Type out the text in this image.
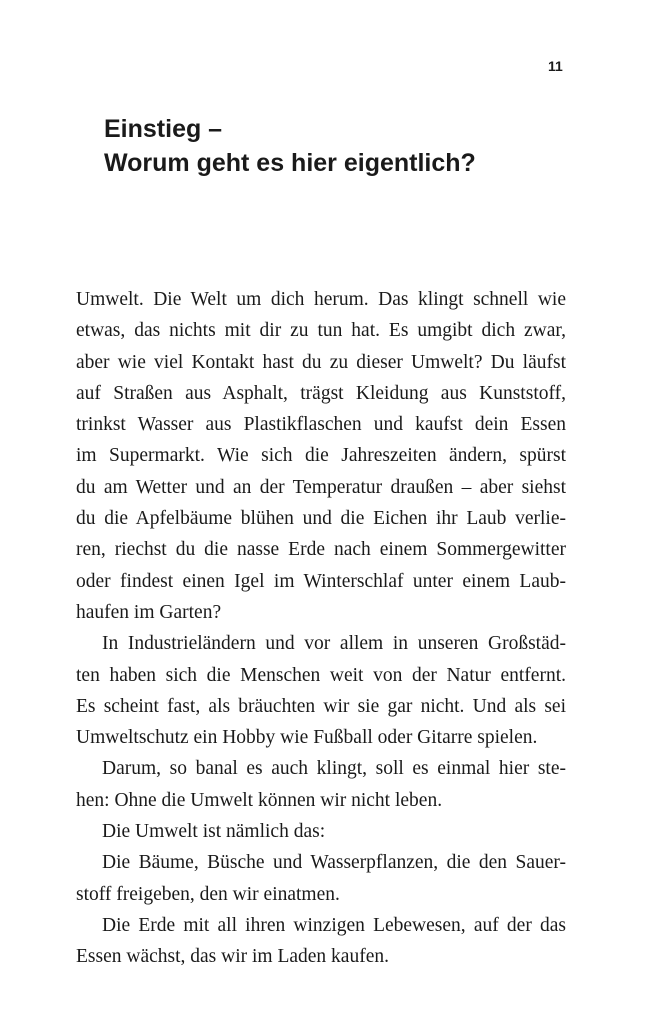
11
Einstieg –
Worum geht es hier eigentlich?
Umwelt. Die Welt um dich herum. Das klingt schnell wie
etwas, das nichts mit dir zu tun hat. Es umgibt dich zwar,
aber wie viel Kontakt hast du zu dieser Umwelt? Du läufst
auf Straßen aus Asphalt, trägst Kleidung aus Kunststoff,
trinkst Wasser aus Plastikflaschen und kaufst dein Essen
im Supermarkt. Wie sich die Jahreszeiten ändern, spürst
du am Wetter und an der Temperatur draußen – aber siehst
du die Apfelbäume blühen und die Eichen ihr Laub verlie-
ren, riechst du die nasse Erde nach einem Sommergewitter
oder findest einen Igel im Winterschlaf unter einem Laub-
haufen im Garten?
In Industrieländern und vor allem in unseren Großstäd-
ten haben sich die Menschen weit von der Natur entfernt.
Es scheint fast, als bräuchten wir sie gar nicht. Und als sei
Umweltschutz ein Hobby wie Fußball oder Gitarre spielen.
Darum, so banal es auch klingt, soll es einmal hier ste-
hen: Ohne die Umwelt können wir nicht leben.
Die Umwelt ist nämlich das:
Die Bäume, Büsche und Wasserpflanzen, die den Sauer-
stoff freigeben, den wir einatmen.
Die Erde mit all ihren winzigen Lebewesen, auf der das
Essen wächst, das wir im Laden kaufen.
